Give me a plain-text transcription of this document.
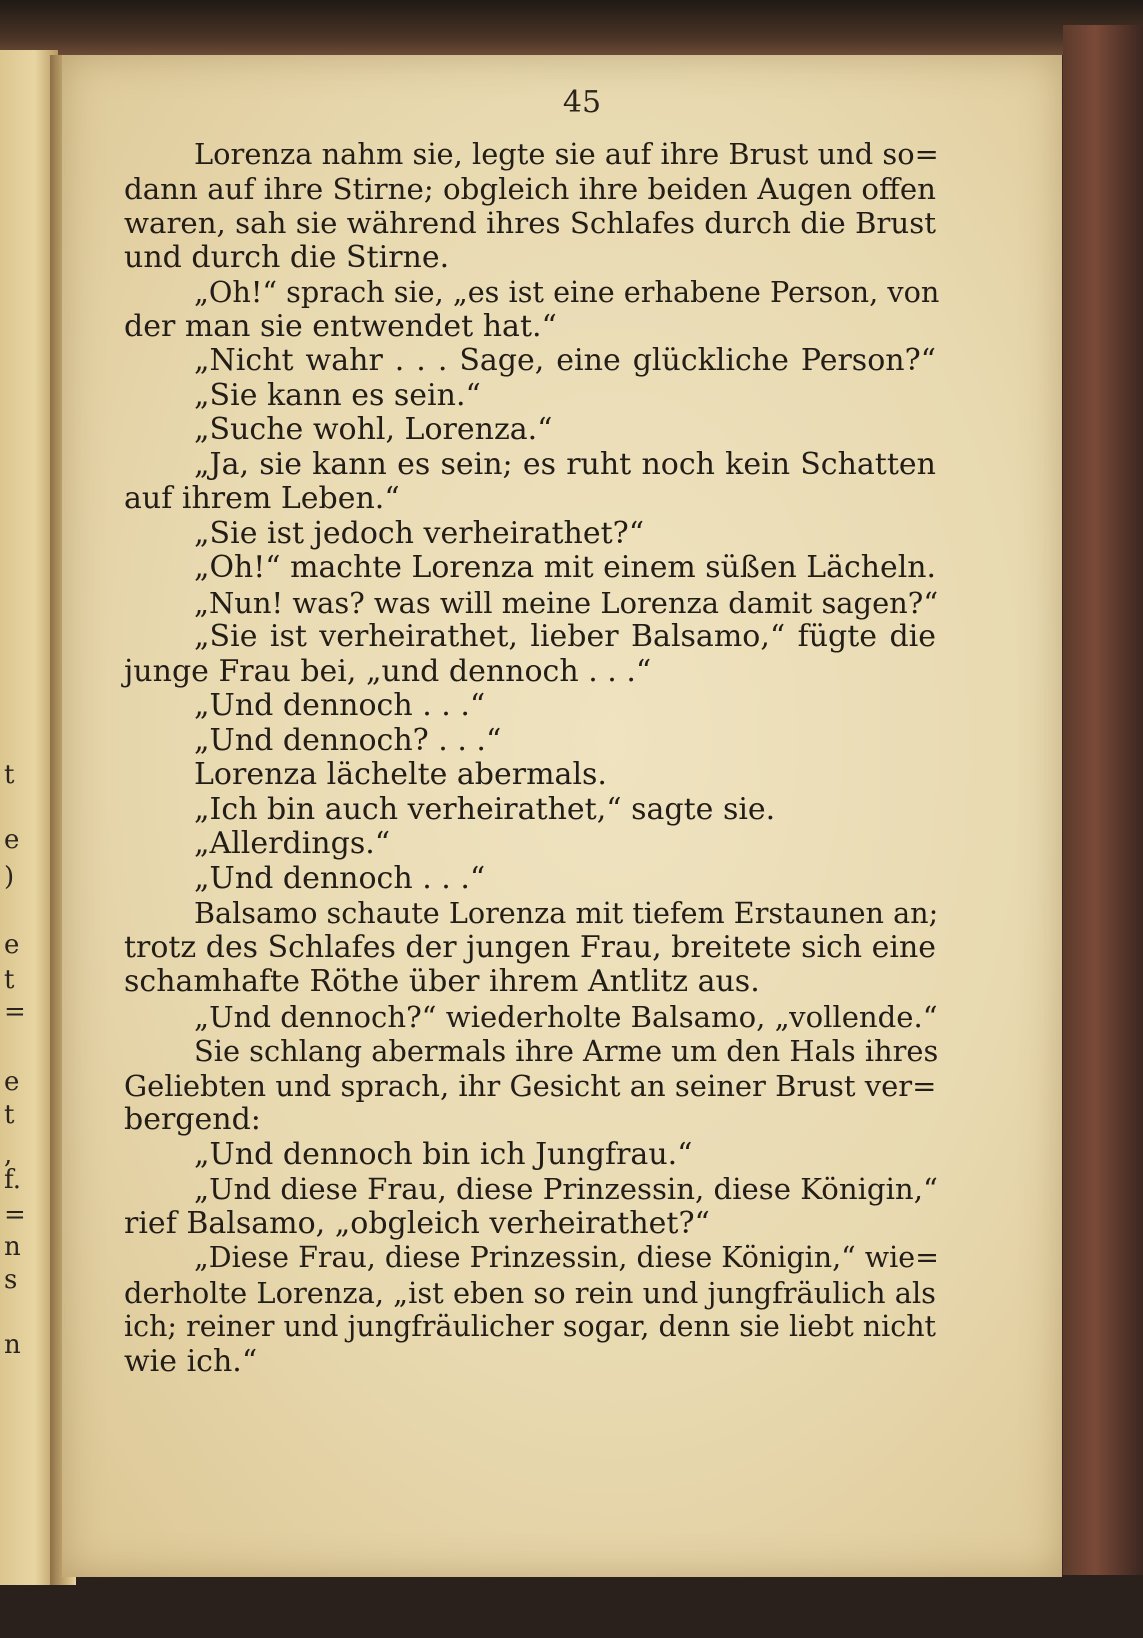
t
e
)
e
t
=
e
t
,
f.
=
n
s
n
45
Lorenza nahm sie, legte sie auf ihre Brust und so=
dann auf ihre Stirne; obgleich ihre beiden Augen offen
waren, sah sie während ihres Schlafes durch die Brust
und durch die Stirne.
„Oh!“ sprach sie, „es ist eine erhabene Person, von
der man sie entwendet hat.“
„Nicht wahr . . . Sage, eine glückliche Person?“
„Sie kann es sein.“
„Suche wohl, Lorenza.“
„Ja, sie kann es sein; es ruht noch kein Schatten
auf ihrem Leben.“
„Sie ist jedoch verheirathet?“
„Oh!“ machte Lorenza mit einem süßen Lächeln.
„Nun! was? was will meine Lorenza damit sagen?“
„Sie ist verheirathet, lieber Balsamo,“ fügte die
junge Frau bei, „und dennoch . . .“
„Und dennoch . . .“
„Und dennoch? . . .“
Lorenza lächelte abermals.
„Ich bin auch verheirathet,“ sagte sie.
„Allerdings.“
„Und dennoch . . .“
Balsamo schaute Lorenza mit tiefem Erstaunen an;
trotz des Schlafes der jungen Frau, breitete sich eine
schamhafte Röthe über ihrem Antlitz aus.
„Und dennoch?“ wiederholte Balsamo, „vollende.“
Sie schlang abermals ihre Arme um den Hals ihres
Geliebten und sprach, ihr Gesicht an seiner Brust ver=
bergend:
„Und dennoch bin ich Jungfrau.“
„Und diese Frau, diese Prinzessin, diese Königin,“
rief Balsamo, „obgleich verheirathet?“
„Diese Frau, diese Prinzessin, diese Königin,“ wie=
derholte Lorenza, „ist eben so rein und jungfräulich als
ich; reiner und jungfräulicher sogar, denn sie liebt nicht
wie ich.“
